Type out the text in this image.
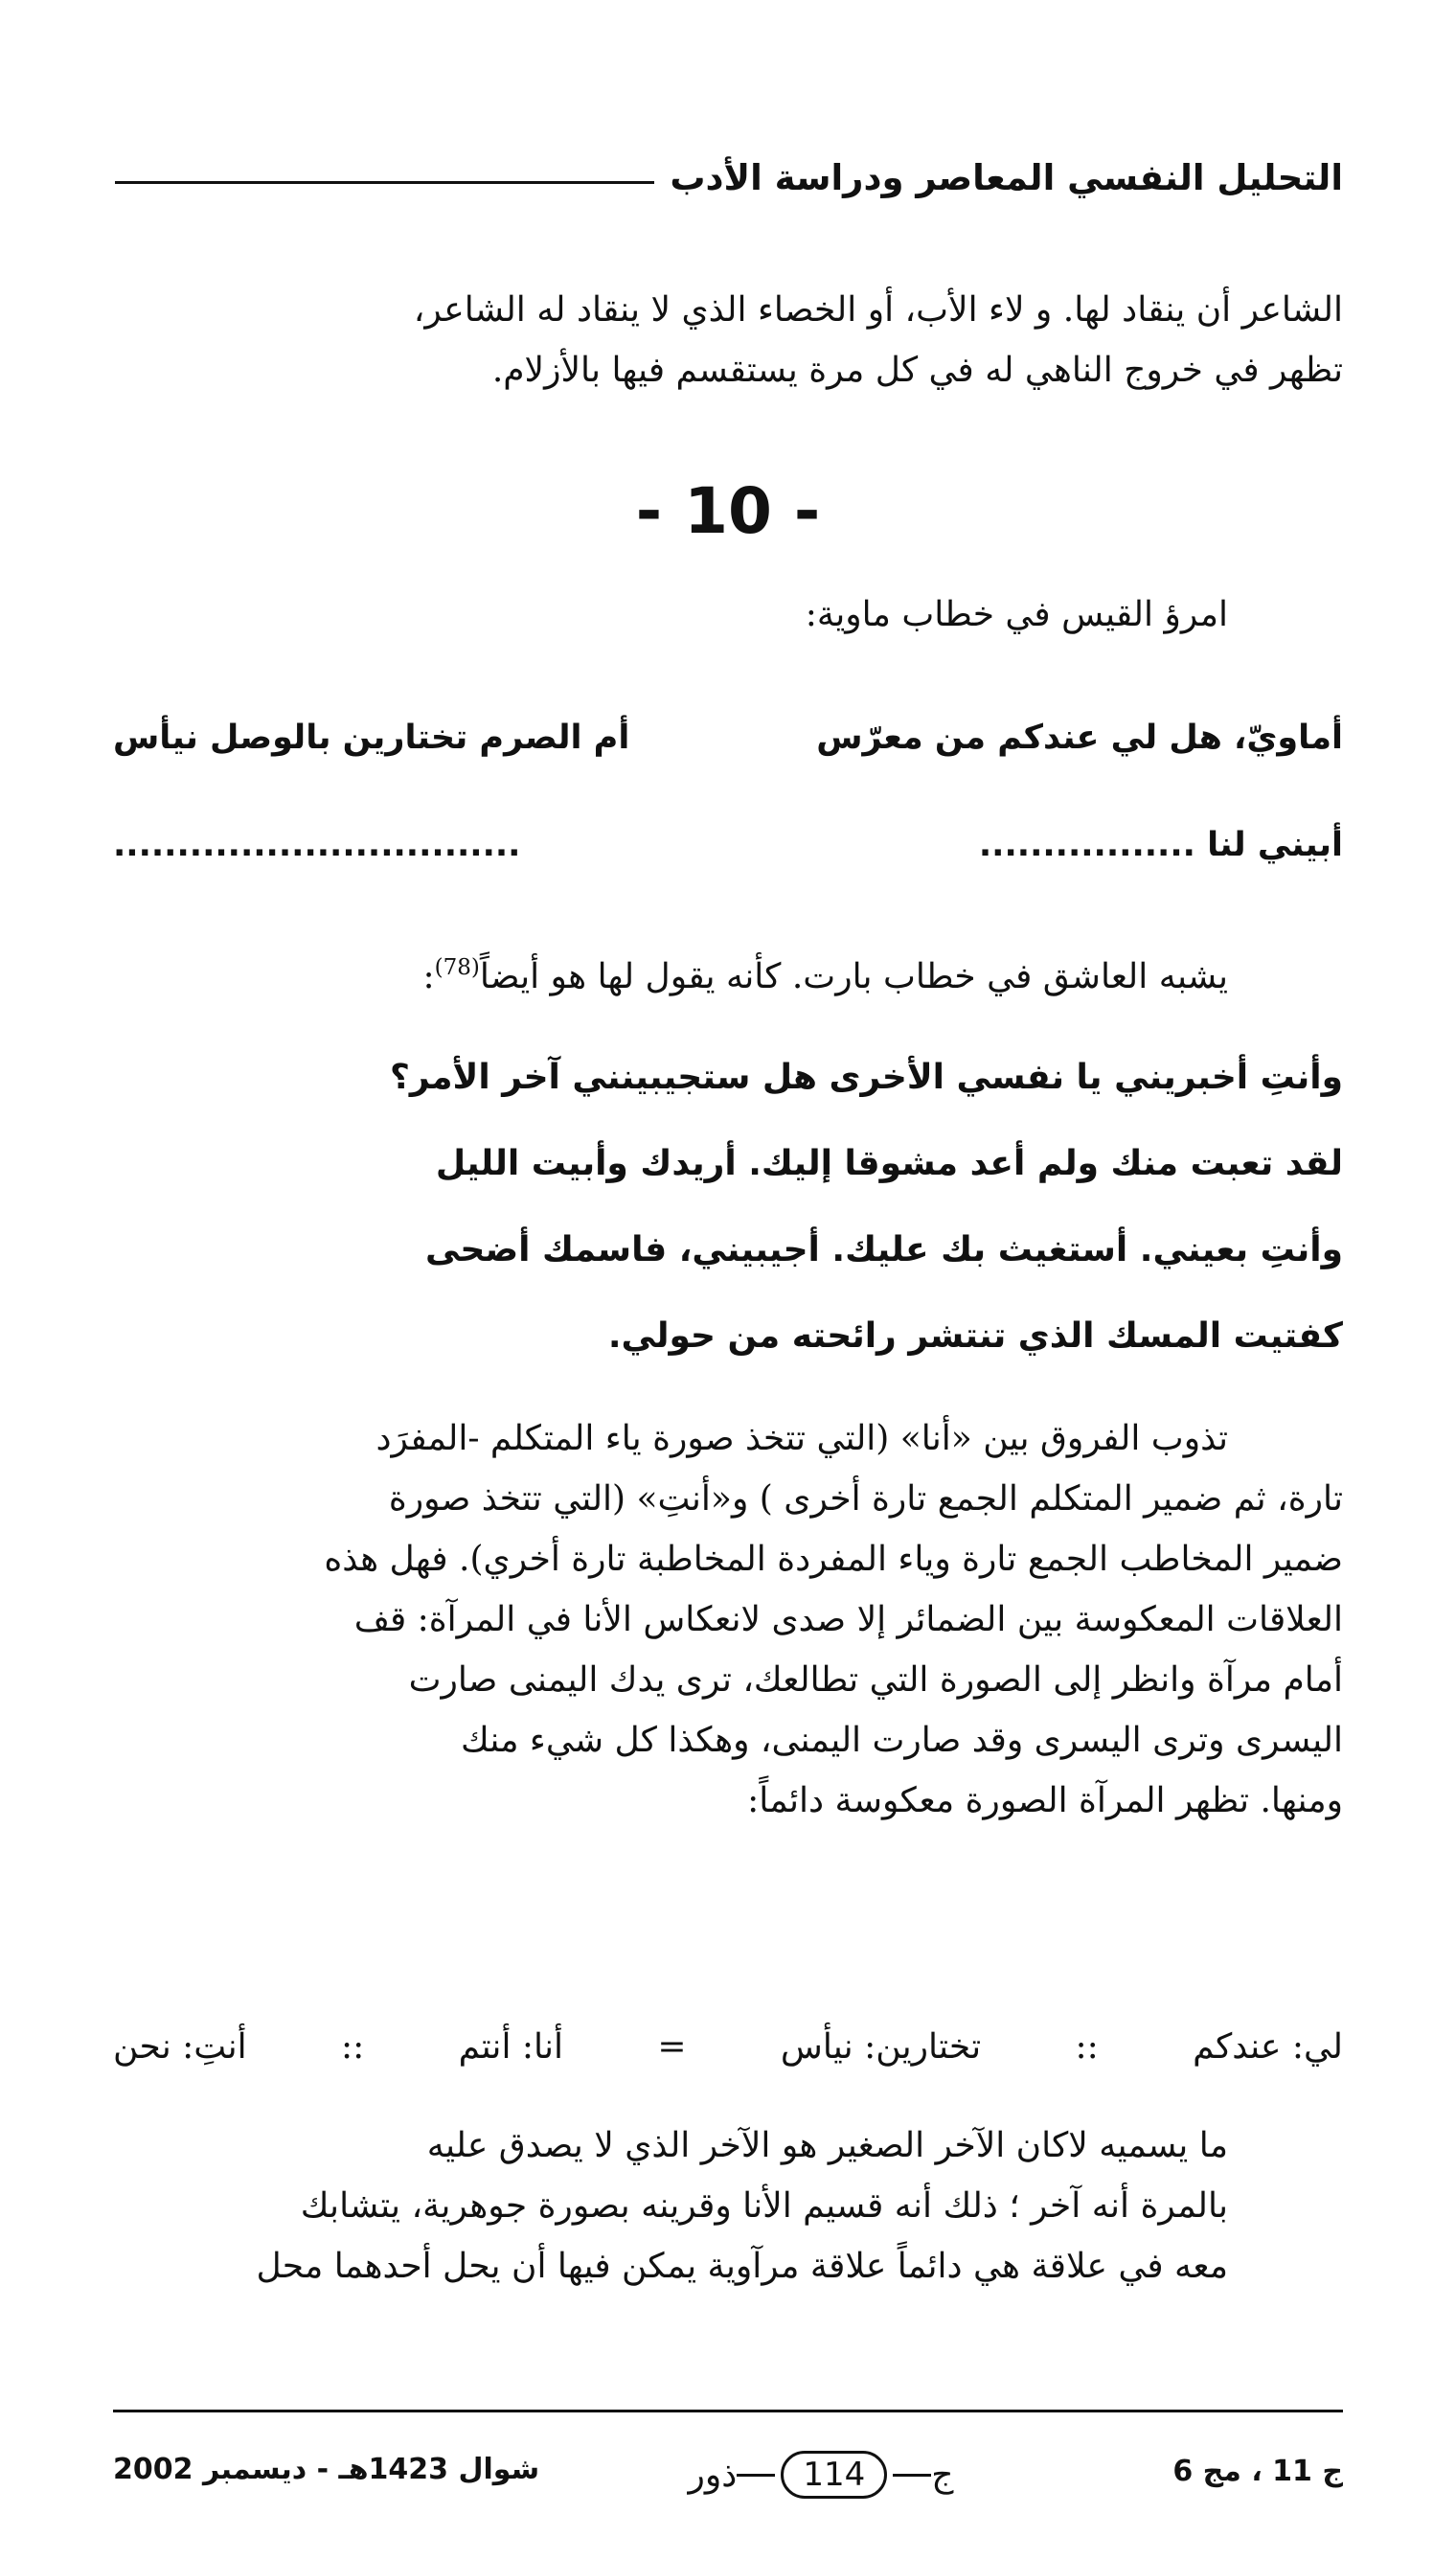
التحليل النفسي المعاصر ودراسة الأدب
الشاعر أن ينقاد لها. و لاء الأب، أو الخصاء الذي لا ينقاد له الشاعر،
تظهر في خروج الناهي له في كل مرة يستقسم فيها بالأزلام.
- 10 -
امرؤ القيس في خطاب ماوية:
أماويّ، هل لي عندكم من معرّس
أم الصرم تختارين بالوصل نيأس
أبيني لنا .................
................................
يشبه العاشق في خطاب بارت. كأنه يقول لها هو أيضاً$^{(78)}$:
وأنتِ أخبريني يا نفسي الأخرى هل ستجيبينني آخر الأمر؟
لقد تعبت منك ولم أعد مشوقا إليك. أريدك وأبيت الليل
وأنتِ بعيني. أستغيث بك عليك. أجيبيني، فاسمك أضحى
كفتيت المسك الذي تنتشر رائحته من حولي.
تذوب الفروق بين «أنا» (التي تتخذ صورة ياء المتكلم -المفرَد
تارة، ثم ضمير المتكلم الجمع تارة أخرى ) و«أنتِ» (التي تتخذ صورة
ضمير المخاطب الجمع تارة وياء المفردة المخاطبة تارة أخري). فهل هذه
العلاقات المعكوسة بين الضمائر إلا صدى لانعكاس الأنا في المرآة: قف
أمام مرآة وانظر إلى الصورة التي تطالعك، ترى يدك اليمنى صارت
اليسرى وترى اليسرى وقد صارت اليمنى، وهكذا كل شيء منك
ومنها. تظهر المرآة الصورة معكوسة دائماً:
لي: عندكم
::
تختارين: نيأس
=
أنا: أنتم
::
أنتِ: نحن
ما يسميه لاكان الآخر الصغير هو الآخر الذي لا يصدق عليه
بالمرة أنه آخر ؛ ذلك أنه قسيم الأنا وقرينه بصورة جوهرية، يتشابك
معه في علاقة هي دائماً علاقة مرآوية يمكن فيها أن يحل أحدهما محل
ج 11 ، مج 6
ج
114
ذور
شوال 1423هـ - ديسمبر 2002
